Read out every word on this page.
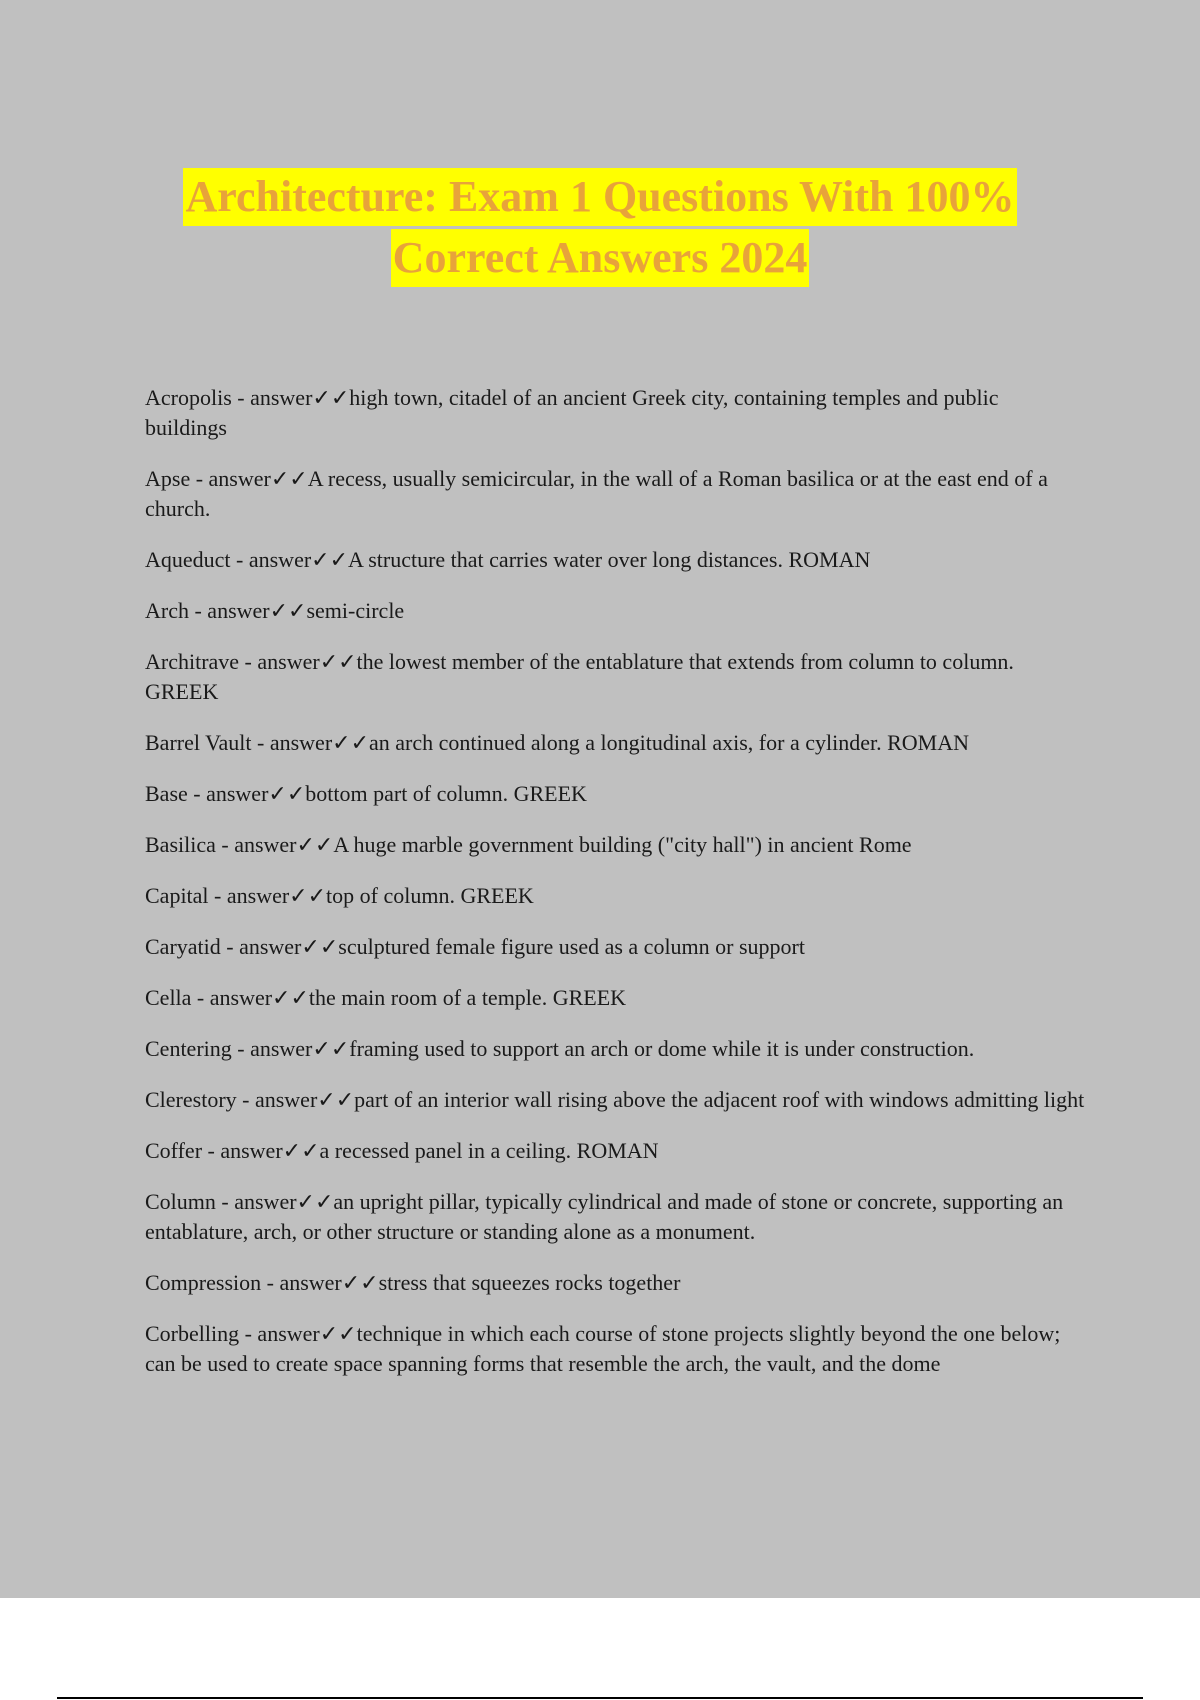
Architecture: Exam 1 Questions With 100%
Correct Answers 2024

Acropolis - answer✓✓high town, citadel of an ancient Greek city, containing temples and public buildings

Apse - answer✓✓A recess, usually semicircular, in the wall of a Roman basilica or at the east end of a church.

Aqueduct - answer✓✓A structure that carries water over long distances. ROMAN

Arch - answer✓✓semi-circle

Architrave - answer✓✓the lowest member of the entablature that extends from column to column. GREEK

Barrel Vault - answer✓✓an arch continued along a longitudinal axis, for a cylinder. ROMAN

Base - answer✓✓bottom part of column. GREEK

Basilica - answer✓✓A huge marble government building ("city hall") in ancient Rome

Capital - answer✓✓top of column. GREEK

Caryatid - answer✓✓sculptured female figure used as a column or support

Cella - answer✓✓the main room of a temple. GREEK

Centering - answer✓✓framing used to support an arch or dome while it is under construction.

Clerestory - answer✓✓part of an interior wall rising above the adjacent roof with windows admitting light

Coffer - answer✓✓a recessed panel in a ceiling. ROMAN

Column - answer✓✓an upright pillar, typically cylindrical and made of stone or concrete, supporting an entablature, arch, or other structure or standing alone as a monument.

Compression - answer✓✓stress that squeezes rocks together

Corbelling - answer✓✓technique in which each course of stone projects slightly beyond the one below; can be used to create space spanning forms that resemble the arch, the vault, and the dome
